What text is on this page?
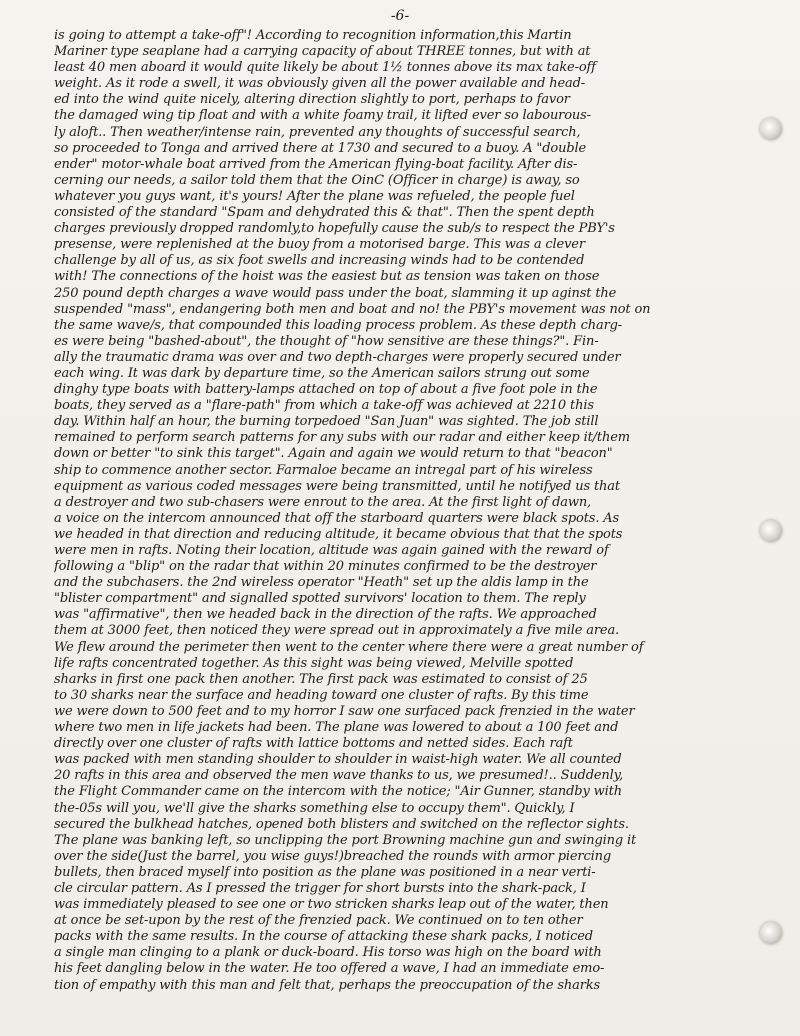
-6-
is going to attempt a take-off"! According to recognition information,this Martin
Mariner type seaplane had a carrying capacity of about THREE tonnes, but with at
least 40 men aboard it would quite likely be about 1½ tonnes above its max take-off
weight. As it rode a swell, it was obviously given all the power available and head-
ed into the wind quite nicely, altering direction slightly to port, perhaps to favor
the damaged wing tip float and with a white foamy trail, it lifted ever so labourous-
ly aloft.. Then weather/intense rain, prevented any thoughts of successful search,
so proceeded to Tonga and arrived there at 1730 and secured to a buoy. A "double
ender" motor-whale boat arrived from the American flying-boat facility. After dis-
cerning our needs, a sailor told them that the OinC (Officer in charge) is away, so
whatever you guys want, it's yours! After the plane was refueled, the people fuel
consisted of the standard "Spam and dehydrated this & that". Then the spent depth
charges previously dropped randomly,to hopefully cause the sub/s to respect the PBY's
presense, were replenished at the buoy from a motorised barge. This was a clever
challenge by all of us, as six foot swells and increasing winds had to be contended
with! The connections of the hoist was the easiest but as tension was taken on those
250 pound depth charges a wave would pass under the boat, slamming it up aginst the
suspended "mass", endangering both men and boat and no! the PBY's movement was not on
the same wave/s, that compounded this loading process problem. As these depth charg-
es were being "bashed-about", the thought of "how sensitive are these things?". Fin-
ally the traumatic drama was over and two depth-charges were properly secured under
each wing. It was dark by departure time, so the American sailors strung out some
dinghy type boats with battery-lamps attached on top of about a five foot pole in the
boats, they served as a "flare-path" from which a take-off was achieved at 2210 this
day. Within half an hour, the burning torpedoed "San Juan" was sighted. The job still
remained to perform search patterns for any subs with our radar and either keep it/them
down or better "to sink this target". Again and again we would return to that "beacon"
ship to commence another sector. Farmaloe became an intregal part of his wireless
equipment as various coded messages were being transmitted, until he notifyed us that
a destroyer and two sub-chasers were enrout to the area. At the first light of dawn,
a voice on the intercom announced that off the starboard quarters were black spots. As
we headed in that direction and reducing altitude, it became obvious that that the spots
were men in rafts. Noting their location, altitude was again gained with the reward of
following a "blip" on the radar that within 20 minutes confirmed to be the destroyer
and the subchasers. the 2nd wireless operator "Heath" set up the aldis lamp in the
"blister compartment" and signalled spotted survivors' location to them. The reply
was "affirmative", then we headed back in the direction of the rafts. We approached
them at 3000 feet, then noticed they were spread out in approximately a five mile area.
We flew around the perimeter then went to the center where there were a great number of
life rafts concentrated together. As this sight was being viewed, Melville spotted
sharks in first one pack then another. The first pack was estimated to consist of 25
to 30 sharks near the surface and heading toward one cluster of rafts. By this time
we were down to 500 feet and to my horror I saw one surfaced pack frenzied in the water
where two men in life jackets had been. The plane was lowered to about a 100 feet and
directly over one cluster of rafts with lattice bottoms and netted sides. Each raft
was packed with men standing shoulder to shoulder in waist-high water. We all counted
20 rafts in this area and observed the men wave thanks to us, we presumed!.. Suddenly,
the Flight Commander came on the intercom with the notice; "Air Gunner, standby with
the-05s will you, we'll give the sharks something else to occupy them". Quickly, I
secured the bulkhead hatches, opened both blisters and switched on the reflector sights.
The plane was banking left, so unclipping the port Browning machine gun and swinging it
over the side(Just the barrel, you wise guys!)breached the rounds with armor piercing
bullets, then braced myself into position as the plane was positioned in a near verti-
cle circular pattern. As I pressed the trigger for short bursts into the shark-pack, I
was immediately pleased to see one or two stricken sharks leap out of the water, then
at once be set-upon by the rest of the frenzied pack. We continued on to ten other
packs with the same results. In the course of attacking these shark packs, I noticed
a single man clinging to a plank or duck-board. His torso was high on the board with
his feet dangling below in the water. He too offered a wave, I had an immediate emo-
tion of empathy with this man and felt that, perhaps the preoccupation of the sharks
